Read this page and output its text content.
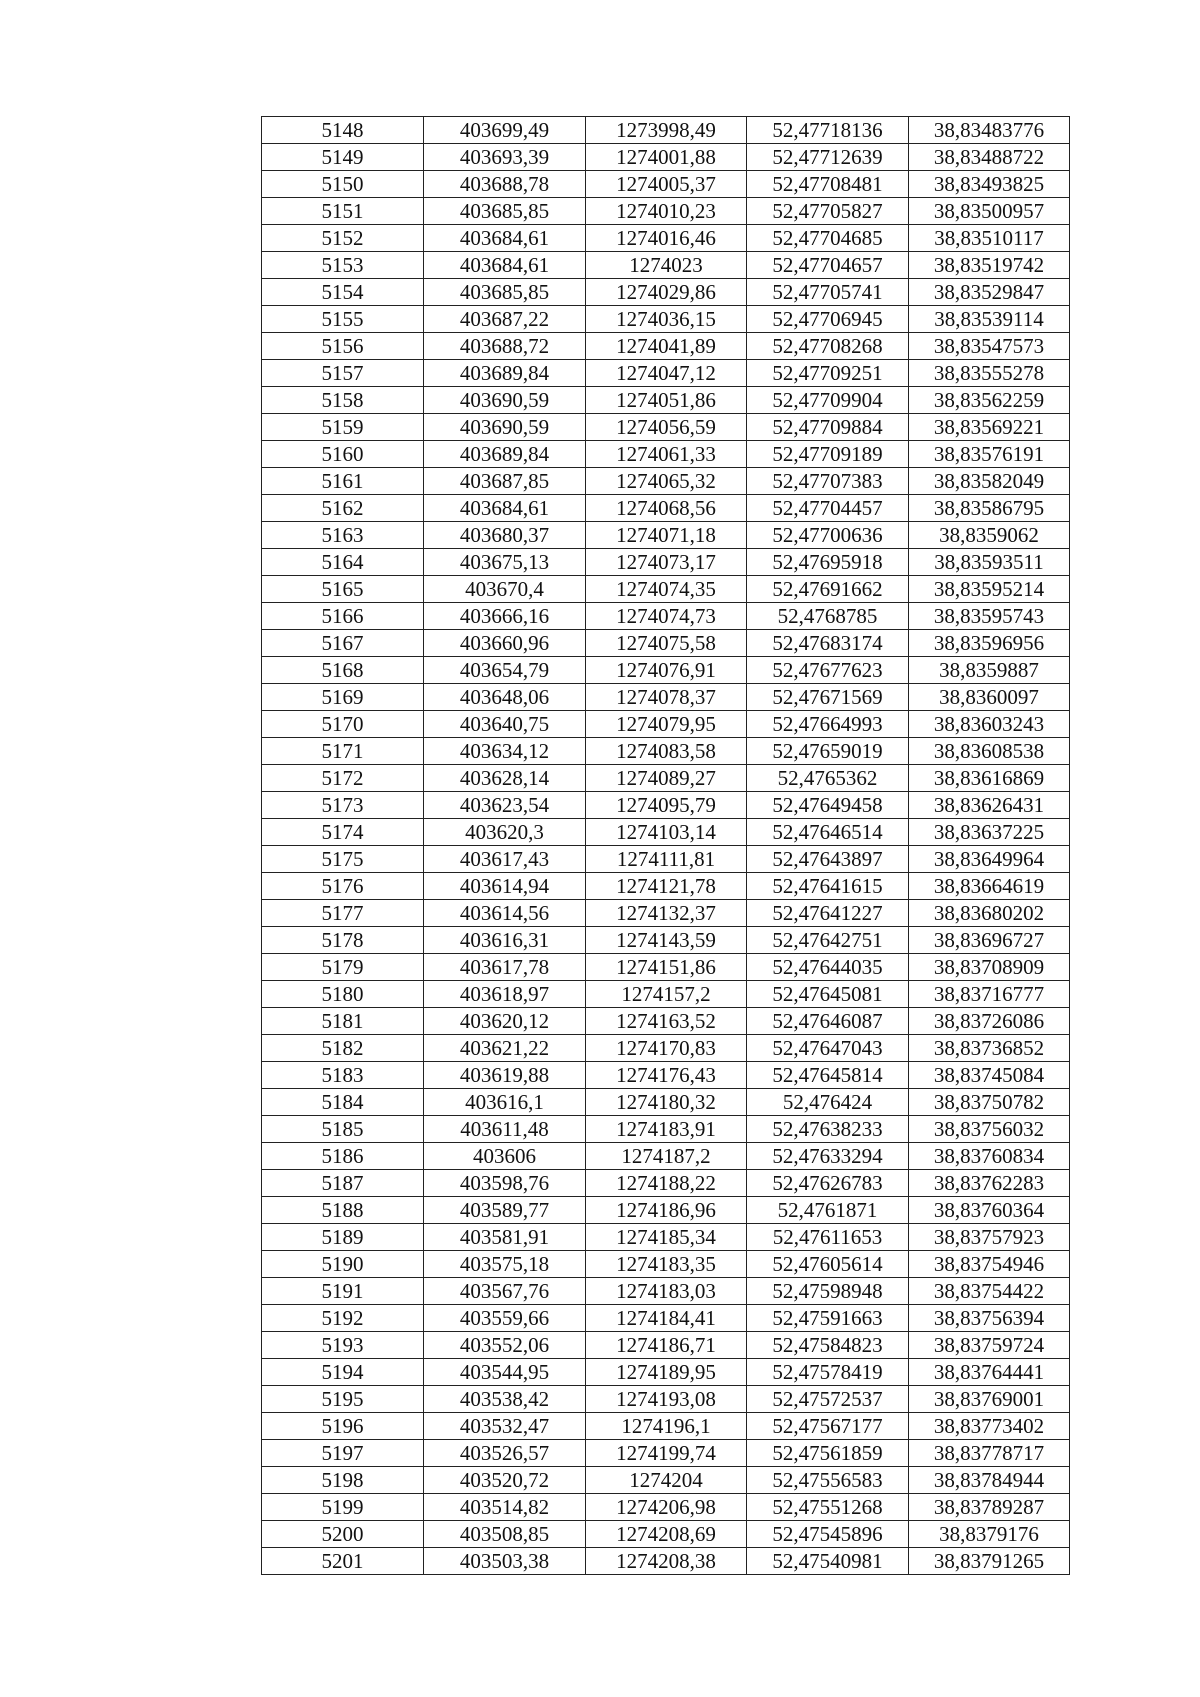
5148	403699,49	1273998,49	52,47718136	38,83483776
5149	403693,39	1274001,88	52,47712639	38,83488722
5150	403688,78	1274005,37	52,47708481	38,83493825
5151	403685,85	1274010,23	52,47705827	38,83500957
5152	403684,61	1274016,46	52,47704685	38,83510117
5153	403684,61	1274023	52,47704657	38,83519742
5154	403685,85	1274029,86	52,47705741	38,83529847
5155	403687,22	1274036,15	52,47706945	38,83539114
5156	403688,72	1274041,89	52,47708268	38,83547573
5157	403689,84	1274047,12	52,47709251	38,83555278
5158	403690,59	1274051,86	52,47709904	38,83562259
5159	403690,59	1274056,59	52,47709884	38,83569221
5160	403689,84	1274061,33	52,47709189	38,83576191
5161	403687,85	1274065,32	52,47707383	38,83582049
5162	403684,61	1274068,56	52,47704457	38,83586795
5163	403680,37	1274071,18	52,47700636	38,8359062
5164	403675,13	1274073,17	52,47695918	38,83593511
5165	403670,4	1274074,35	52,47691662	38,83595214
5166	403666,16	1274074,73	52,4768785	38,83595743
5167	403660,96	1274075,58	52,47683174	38,83596956
5168	403654,79	1274076,91	52,47677623	38,8359887
5169	403648,06	1274078,37	52,47671569	38,8360097
5170	403640,75	1274079,95	52,47664993	38,83603243
5171	403634,12	1274083,58	52,47659019	38,83608538
5172	403628,14	1274089,27	52,4765362	38,83616869
5173	403623,54	1274095,79	52,47649458	38,83626431
5174	403620,3	1274103,14	52,47646514	38,83637225
5175	403617,43	1274111,81	52,47643897	38,83649964
5176	403614,94	1274121,78	52,47641615	38,83664619
5177	403614,56	1274132,37	52,47641227	38,83680202
5178	403616,31	1274143,59	52,47642751	38,83696727
5179	403617,78	1274151,86	52,47644035	38,83708909
5180	403618,97	1274157,2	52,47645081	38,83716777
5181	403620,12	1274163,52	52,47646087	38,83726086
5182	403621,22	1274170,83	52,47647043	38,83736852
5183	403619,88	1274176,43	52,47645814	38,83745084
5184	403616,1	1274180,32	52,476424	38,83750782
5185	403611,48	1274183,91	52,47638233	38,83756032
5186	403606	1274187,2	52,47633294	38,83760834
5187	403598,76	1274188,22	52,47626783	38,83762283
5188	403589,77	1274186,96	52,4761871	38,83760364
5189	403581,91	1274185,34	52,47611653	38,83757923
5190	403575,18	1274183,35	52,47605614	38,83754946
5191	403567,76	1274183,03	52,47598948	38,83754422
5192	403559,66	1274184,41	52,47591663	38,83756394
5193	403552,06	1274186,71	52,47584823	38,83759724
5194	403544,95	1274189,95	52,47578419	38,83764441
5195	403538,42	1274193,08	52,47572537	38,83769001
5196	403532,47	1274196,1	52,47567177	38,83773402
5197	403526,57	1274199,74	52,47561859	38,83778717
5198	403520,72	1274204	52,47556583	38,83784944
5199	403514,82	1274206,98	52,47551268	38,83789287
5200	403508,85	1274208,69	52,47545896	38,8379176
5201	403503,38	1274208,38	52,47540981	38,83791265
